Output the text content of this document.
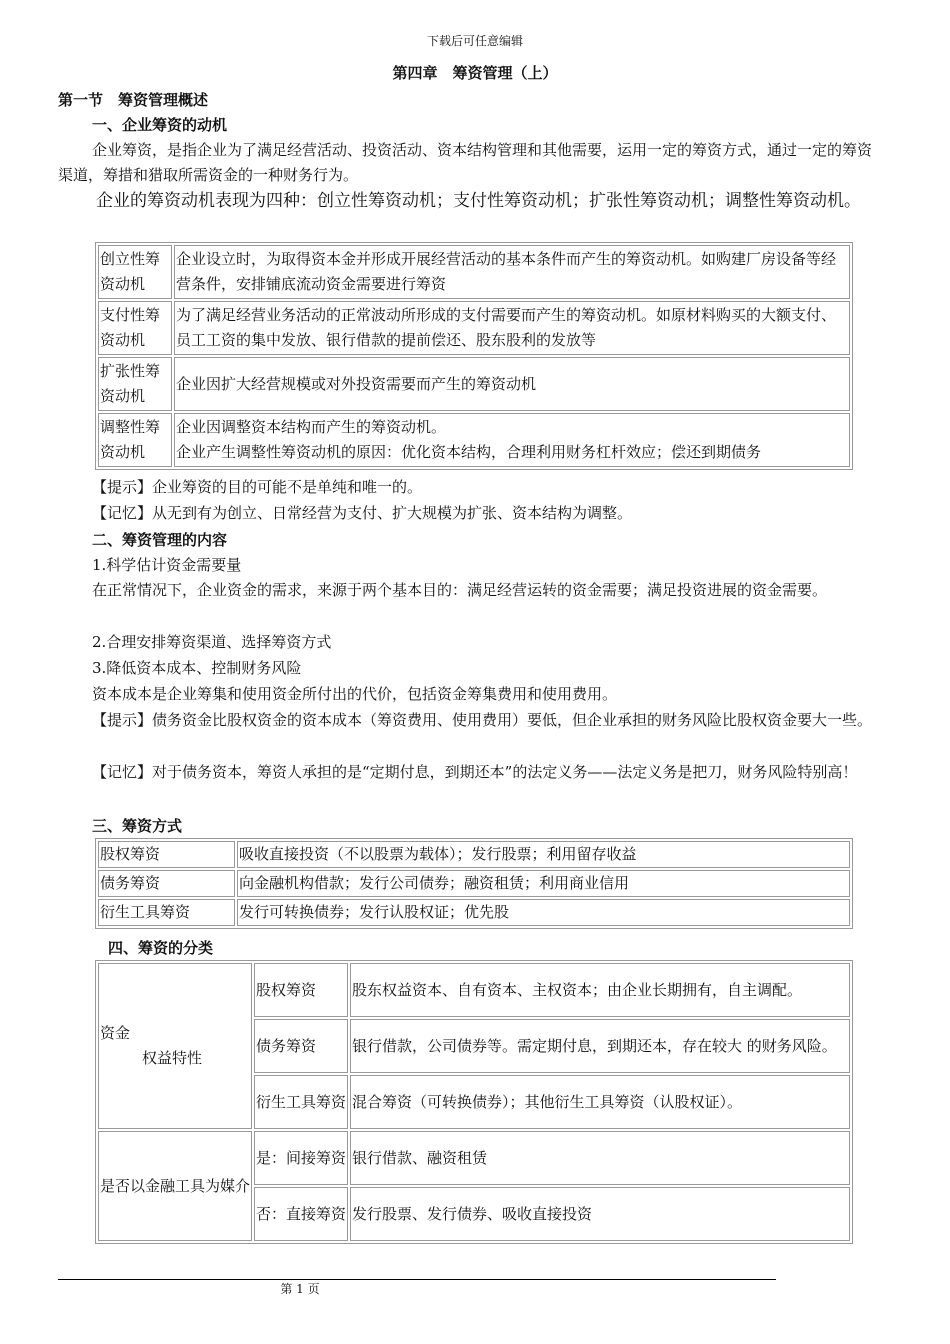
下载后可任意编辑
第四章　筹资管理（上）
第一节　筹资管理概述
一、企业筹资的动机
企业筹资，是指企业为了满足经营活动、投资活动、资本结构管理和其他需要，运用一定的筹资方式，通过一定的筹资渠道，筹措和猎取所需资金的一种财务行为。
企业的筹资动机表现为四种：创立性筹资动机；支付性筹资动机；扩张性筹资动机；调整性筹资动机。
创立性筹资动机	企业设立时，为取得资本金并形成开展经营活动的基本条件而产生的筹资动机。如购建厂房设备等经营条件，安排铺底流动资金需要进行筹资
支付性筹资动机	为了满足经营业务活动的正常波动所形成的支付需要而产生的筹资动机。如原材料购买的大额支付、员工工资的集中发放、银行借款的提前偿还、股东股利的发放等
扩张性筹资动机	企业因扩大经营规模或对外投资需要而产生的筹资动机
调整性筹资动机	企业因调整资本结构而产生的筹资动机。
企业产生调整性筹资动机的原因：优化资本结构，合理利用财务杠杆效应；偿还到期债务
【提示】企业筹资的目的可能不是单纯和唯一的。
【记忆】从无到有为创立、日常经营为支付、扩大规模为扩张、资本结构为调整。
二、筹资管理的内容
1.科学估计资金需要量
在正常情况下，企业资金的需求，来源于两个基本目的：满足经营运转的资金需要；满足投资进展的资金需要。
2.合理安排筹资渠道、选择筹资方式
3.降低资本成本、控制财务风险
资本成本是企业筹集和使用资金所付出的代价，包括资金筹集费用和使用费用。
【提示】债务资金比股权资金的资本成本（筹资费用、使用费用）要低，但企业承担的财务风险比股权资金要大一些。
【记忆】对于债务资本，筹资人承担的是“定期付息，到期还本”的法定义务——法定义务是把刀，财务风险特别高！
三、筹资方式
股权筹资	吸收直接投资（不以股票为载体）；发行股票；利用留存收益
债务筹资	向金融机构借款；发行公司债券；融资租赁；利用商业信用
衍生工具筹资	发行可转换债券；发行认股权证；优先股
四、筹资的分类
资金
权益特性	股权筹资	股东权益资本、自有资本、主权资本；由企业长期拥有，自主调配。
	债务筹资	银行借款，公司债券等。需定期付息，到期还本，存在较大 的财务风险。
	衍生工具筹资	混合筹资（可转换债券）；其他衍生工具筹资（认股权证）。
是否以金融工具为媒介	是：间接筹资	银行借款、融资租赁
	否：直接筹资	发行股票、发行债券、吸收直接投资
第 1 页
